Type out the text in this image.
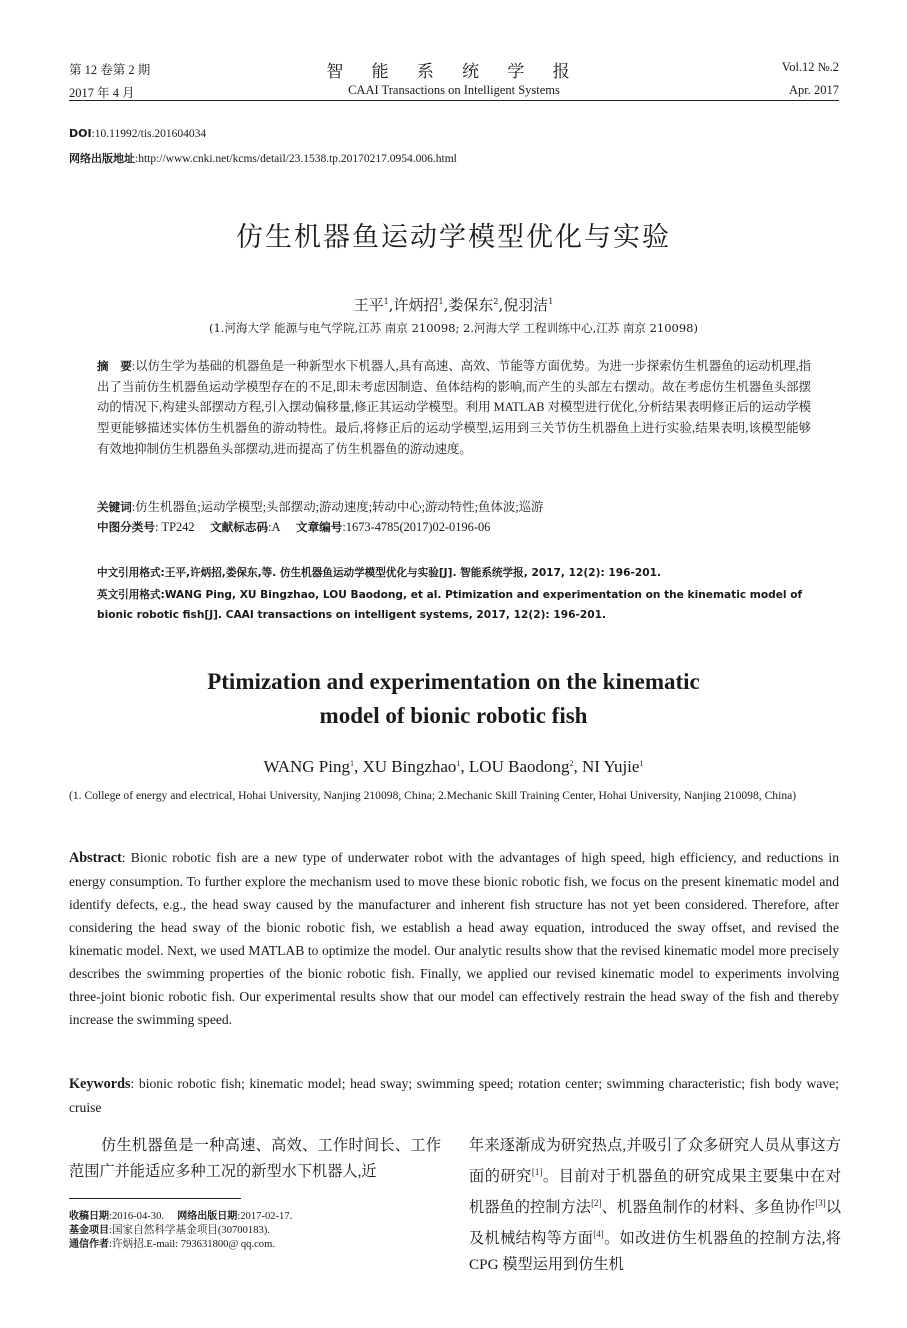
第 12 卷第 2 期	智 能 系 统 学 报	Vol.12 №.2
2017 年 4 月	CAAI Transactions on Intelligent Systems	Apr. 2017
DOI:10.11992/tis.201604034
网络出版地址:http://www.cnki.net/kcms/detail/23.1538.tp.20170217.0954.006.html
仿生机器鱼运动学模型优化与实验
王平$^1$,许炳招$^1$,娄保东$^2$,倪羽洁$^1$
(1.河海大学 能源与电气学院,江苏 南京 210098; 2.河海大学 工程训练中心,江苏 南京 210098)
摘　要:以仿生学为基础的机器鱼是一种新型水下机器人,具有高速、高效、节能等方面优势。为进一步探索仿生机器鱼的运动机理,指出了当前仿生机器鱼运动学模型存在的不足,即未考虑因制造、鱼体结构的影响,而产生的头部左右摆动。故在考虑仿生机器鱼头部摆动的情况下,构建头部摆动方程,引入摆动偏移量,修正其运动学模型。利用 MATLAB 对模型进行优化,分析结果表明修正后的运动学模型更能够描述实体仿生机器鱼的游动特性。最后,将修正后的运动学模型,运用到三关节仿生机器鱼上进行实验,结果表明,该模型能够有效地抑制仿生机器鱼头部摆动,进而提高了仿生机器鱼的游动速度。
关键词:仿生机器鱼;运动学模型;头部摆动;游动速度;转动中心;游动特性;鱼体波;巡游
中图分类号: TP242 文献标志码:A 文章编号:1673-4785(2017)02-0196-06
中文引用格式:王平,许炳招,娄保东,等. 仿生机器鱼运动学模型优化与实验[J]. 智能系统学报, 2017, 12(2): 196-201.
英文引用格式:WANG Ping, XU Bingzhao, LOU Baodong, et al. Ptimization and experimentation on the kinematic model of bionic robotic fish[J]. CAAI transactions on intelligent systems, 2017, 12(2): 196-201.
Ptimization and experimentation on the kinematic
model of bionic robotic fish
WANG Ping$^1$, XU Bingzhao$^1$, LOU Baodong$^2$, NI Yujie$^1$
(1. College of energy and electrical, Hohai University, Nanjing 210098, China; 2.Mechanic Skill Training Center, Hohai University, Nanjing 210098, China)
Abstract: Bionic robotic fish are a new type of underwater robot with the advantages of high speed, high efficiency, and reductions in energy consumption. To further explore the mechanism used to move these bionic robotic fish, we focus on the present kinematic model and identify defects, e.g., the head sway caused by the manufacturer and inherent fish structure has not yet been considered. Therefore, after considering the head sway of the bionic robotic fish, we establish a head away equation, introduced the sway offset, and revised the kinematic model. Next, we used MATLAB to optimize the model. Our analytic results show that the revised kinematic model more precisely describes the swimming properties of the bionic robotic fish. Finally, we applied our revised kinematic model to experiments involving three-joint bionic robotic fish. Our experimental results show that our model can effectively restrain the head sway of the fish and thereby increase the swimming speed.
Keywords: bionic robotic fish; kinematic model; head sway; swimming speed; rotation center; swimming characteristic; fish body wave; cruise
仿生机器鱼是一种高速、高效、工作时间长、工作范围广并能适应多种工况的新型水下机器人,近
年来逐渐成为研究热点,并吸引了众多研究人员从事这方面的研究[1]。目前对于机器鱼的研究成果主要集中在对机器鱼的控制方法[2]、机器鱼制作的材料、多鱼协作[3]以及机械结构等方面[4]。如改进仿生机器鱼的控制方法,将 CPG 模型运用到仿生机
收稿日期:2016-04-30. 网络出版日期:2017-02-17.
基金项目:国家自然科学基金项目(30700183).
通信作者:许炳招.E-mail: 793631800@ qq.com.
